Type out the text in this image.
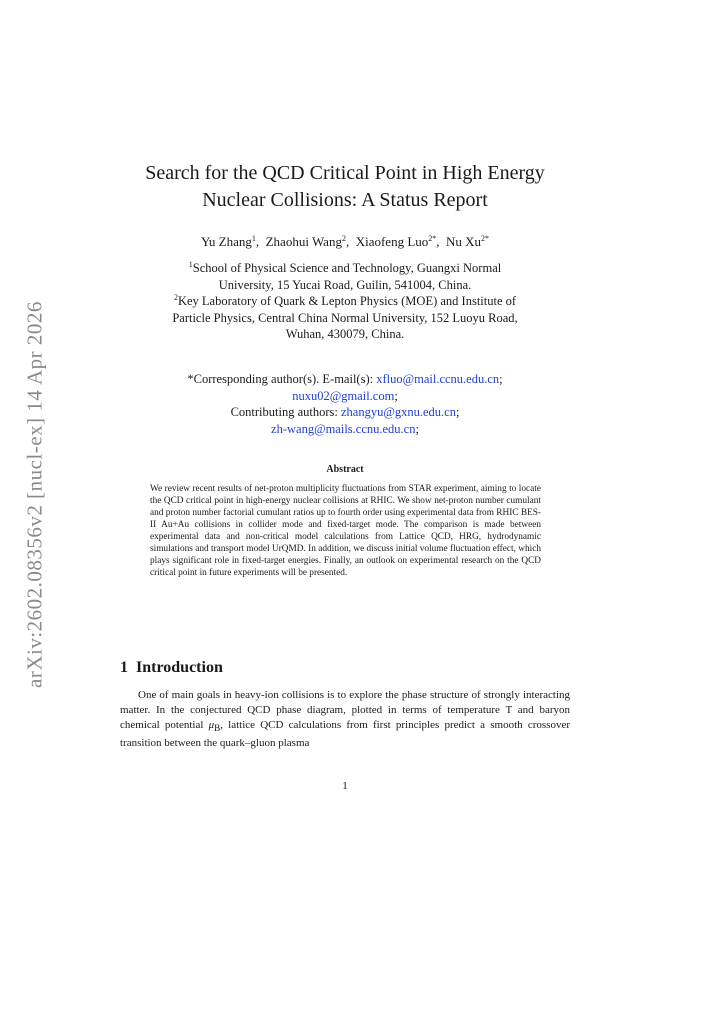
arXiv:2602.08356v2 [nucl-ex] 14 Apr 2026
Search for the QCD Critical Point in High Energy
Nuclear Collisions: A Status Report
Yu Zhang$^1$,  Zhaohui Wang$^2$,  Xiaofeng Luo$^{2*}$,  Nu $Xu^{2*}$
$^1$School of Physical Science and Technology, Guangxi Normal
University, 15 Yucai Road, Guilin, 541004, China.
$^2$Key Laboratory of Quark & Lepton Physics (MOE) and Institute of
Particle Physics, Central China Normal University, 152 Luoyu Road,
Wuhan, 430079, China.
*Corresponding author(s). E-mail(s): xfluo@mail.ccnu.edu.cn;
nuxu02@gmail.com;
Contributing authors: zhangyu@gxnu.edu.cn;
zh-wang@mails.ccnu.edu.cn;
Abstract
We review recent results of net-proton multiplicity fluctuations from STAR experiment, aiming to locate the QCD critical point in high-energy nuclear collisions at RHIC. We show net-proton number cumulant and proton number factorial cumulant ratios up to fourth order using experimental data from RHIC BES-II Au+Au collisions in collider mode and fixed-target mode. The comparison is made between experimental data and non-critical model calculations from Lattice QCD, HRG, hydrodynamic simulations and transport model UrQMD. In addition, we discuss initial volume fluctuation effect, which plays significant role in fixed-target energies. Finally, an outlook on experimental research on the QCD critical point in future experiments will be presented.
1 Introduction
One of main goals in heavy-ion collisions is to explore the phase structure of strongly interacting matter. In the conjectured QCD phase diagram, plotted in terms of temperature T and baryon chemical potential $\mu_B$, lattice QCD calculations from first principles predict a smooth crossover transition between the quark–gluon plasma
1
